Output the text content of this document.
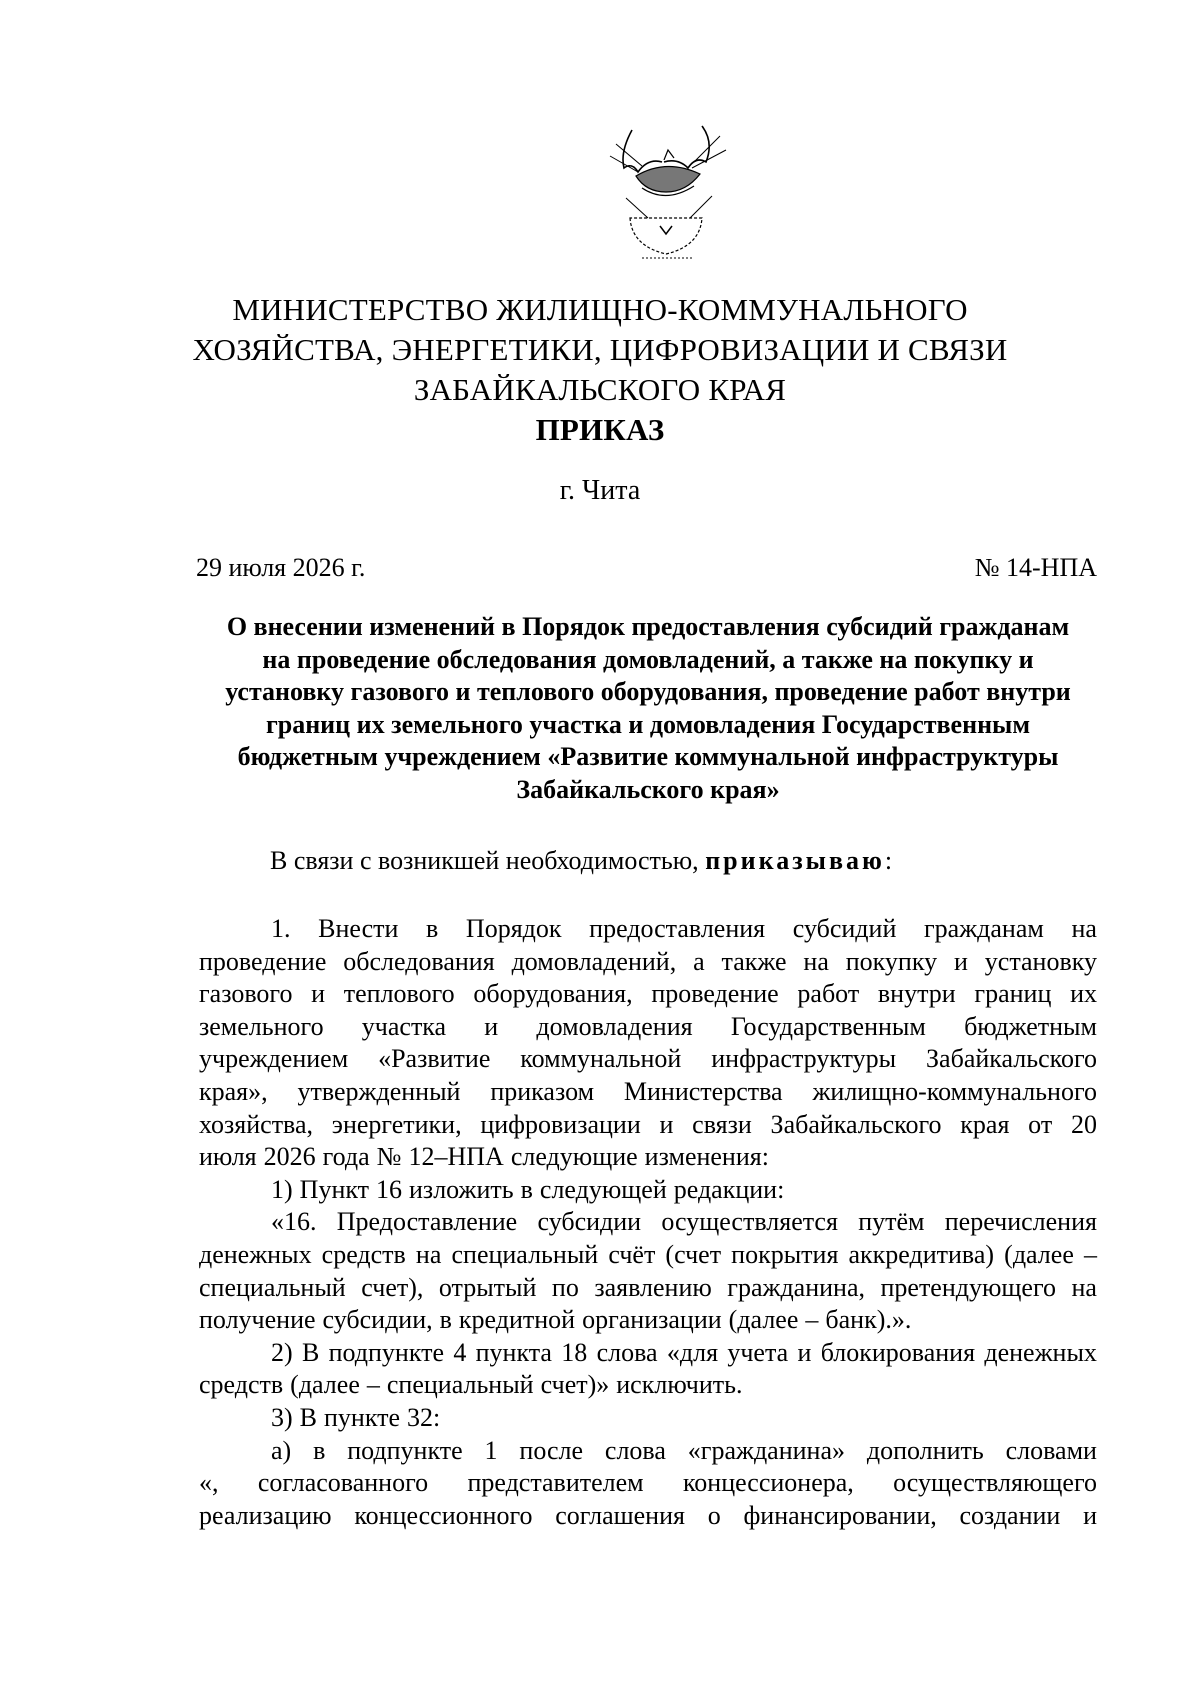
МИНИСТЕРСТВО ЖИЛИЩНО-КОММУНАЛЬНОГО
ХОЗЯЙСТВА, ЭНЕРГЕТИКИ, ЦИФРОВИЗАЦИИ И СВЯЗИ
ЗАБАЙКАЛЬСКОГО КРАЯ
ПРИКАЗ
г. Чита
29 июля 2026 г.	№ 14-НПА
О внесении изменений в Порядок предоставления субсидий гражданам
на проведение обследования домовладений, а также на покупку и
установку газового и теплового оборудования, проведение работ внутри
границ их земельного участка и домовладения Государственным
бюджетным учреждением «Развитие коммунальной инфраструктуры
Забайкальского края»
В связи с возникшей необходимостью, приказываю:
1. Внести в Порядок предоставления субсидий гражданам на
проведение обследования домовладений, а также на покупку и установку
газового и теплового оборудования, проведение работ внутри границ их
земельного участка и домовладения Государственным бюджетным
учреждением «Развитие коммунальной инфраструктуры Забайкальского
края», утвержденный приказом Министерства жилищно-коммунального
хозяйства, энергетики, цифровизации и связи Забайкальского края от 20
июля 2026 года № 12–НПА следующие изменения:
1) Пункт 16 изложить в следующей редакции:
«16. Предоставление субсидии осуществляется путём перечисления
денежных средств на специальный счёт (счет покрытия аккредитива) (далее –
специальный счет), отрытый по заявлению гражданина, претендующего на
получение субсидии, в кредитной организации (далее – банк).».
2) В подпункте 4 пункта 18 слова «для учета и блокирования денежных
средств (далее – специальный счет)» исключить.
3) В пункте 32:
а) в подпункте 1 после слова «гражданина» дополнить словами
«, согласованного представителем концессионера, осуществляющего
реализацию концессионного соглашения о финансировании, создании и
